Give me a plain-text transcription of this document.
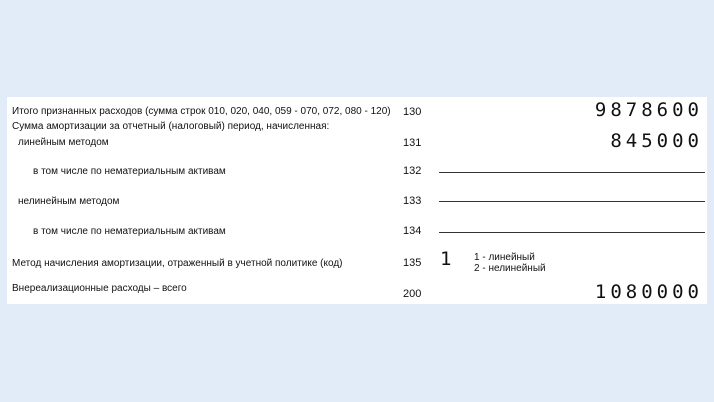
Итого признанных расходов (сумма строк 010, 020, 040, 059 - 070, 072, 080 - 120) 130	9878600
Сумма амортизации за отчетный (налоговый) период, начисленная:
линейным методом	131	845000
в том числе по нематериальным активам	132
нелинейным методом	133
в том числе по нематериальным активам	134
Метод начисления амортизации, отраженный в учетной политике (код)	135 1 1 - линейный
2 - нелинейный
Внереализационные расходы – всего	200	1080000
